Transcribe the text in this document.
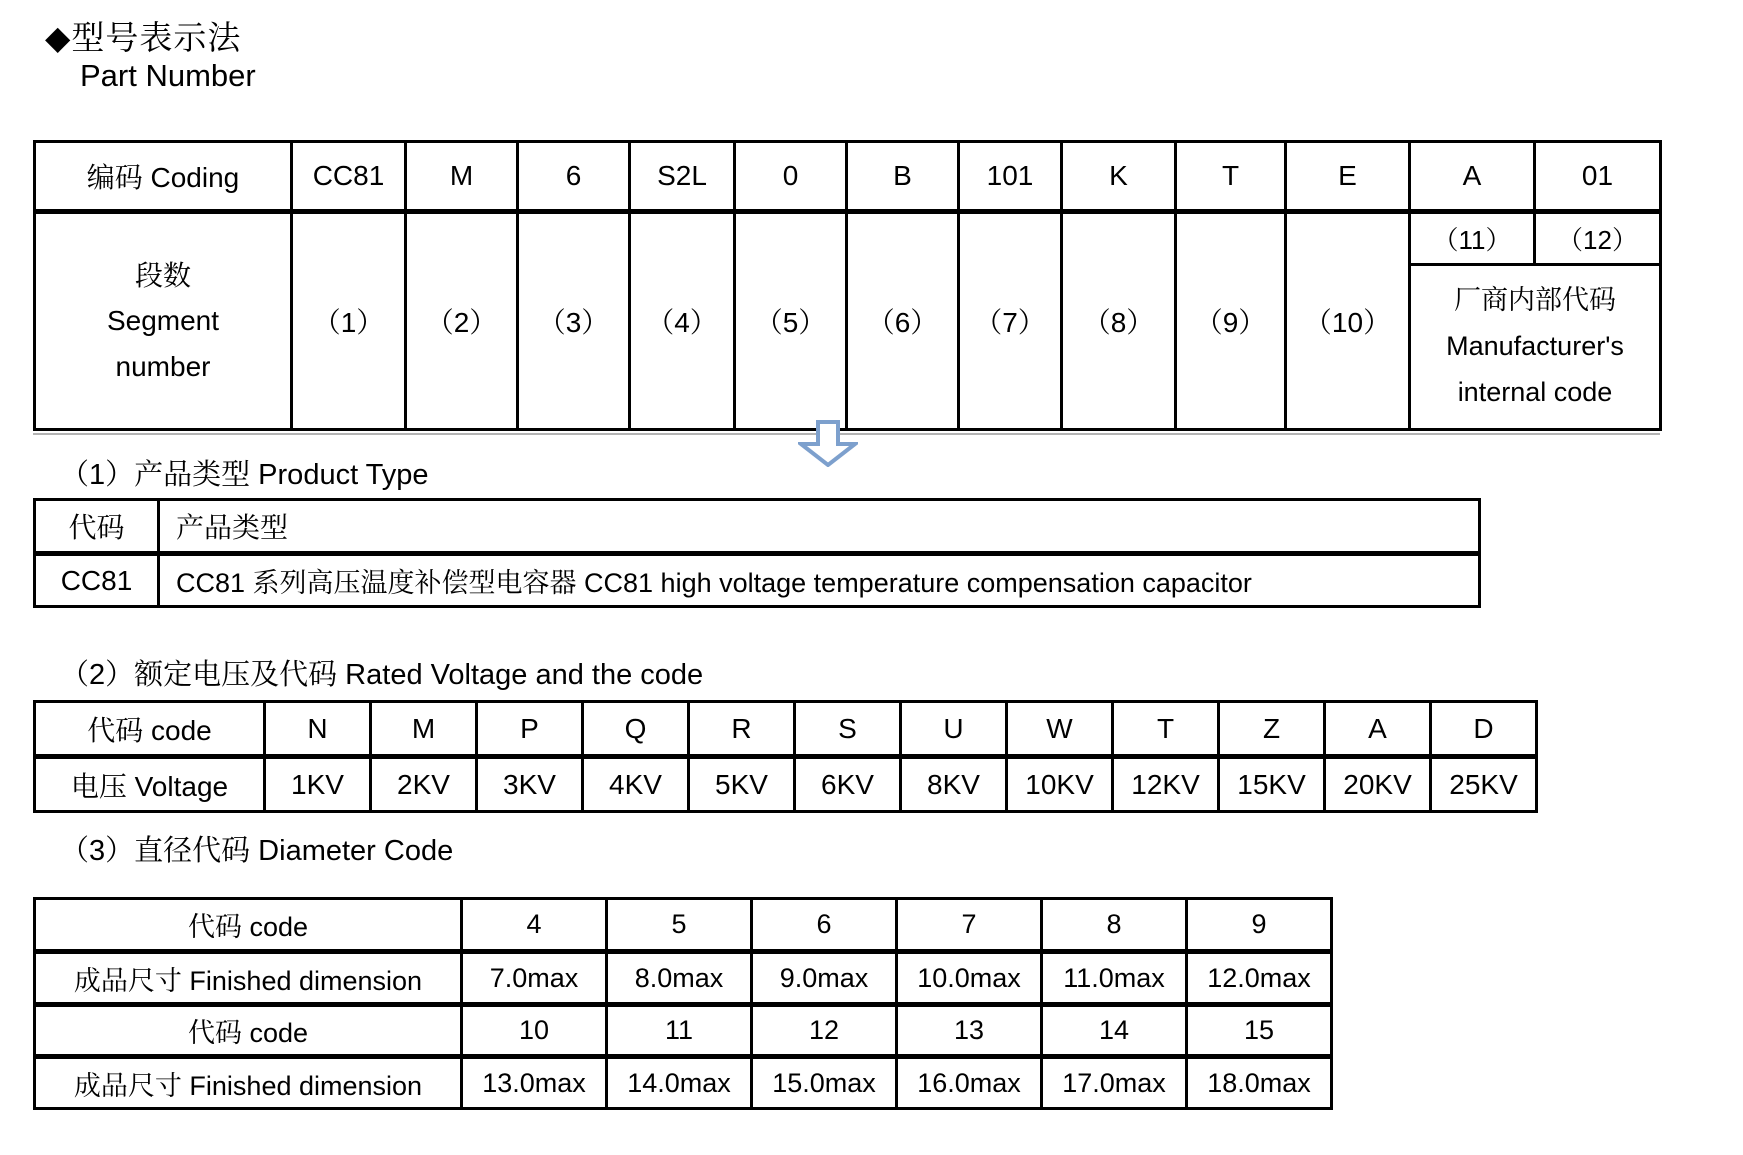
◆型号表示法
Part Number
编码 Coding	CC81	M	6	S2L	0	B	101	K	T	E	A	01

段数
Segment
number	（1）	（2）	（3）	（4）	（5）	（6）	（7）	（8）	（9）	（10）	（11）	（12）

											厂商内部代码
Manufacturer's
internal code	
（1）产品类型 Product Type
代码	产品类型
CC81	CC81 系列高压温度补偿型电容器 CC81 high voltage temperature compensation capacitor
（2）额定电压及代码 Rated Voltage and the code
代码 code	N	M	P	Q	R	S	U	W	T	Z	A	D
电压 Voltage	1KV	2KV	3KV	4KV	5KV	6KV	8KV	10KV	12KV	15KV	20KV	25KV
（3）直径代码 Diameter Code
代码 code	4	5	6	7	8	9
成品尺寸 Finished dimension	7.0max	8.0max	9.0max	10.0max	11.0max	12.0max
代码 code	10	11	12	13	14	15
成品尺寸 Finished dimension	13.0max	14.0max	15.0max	16.0max	17.0max	18.0max
